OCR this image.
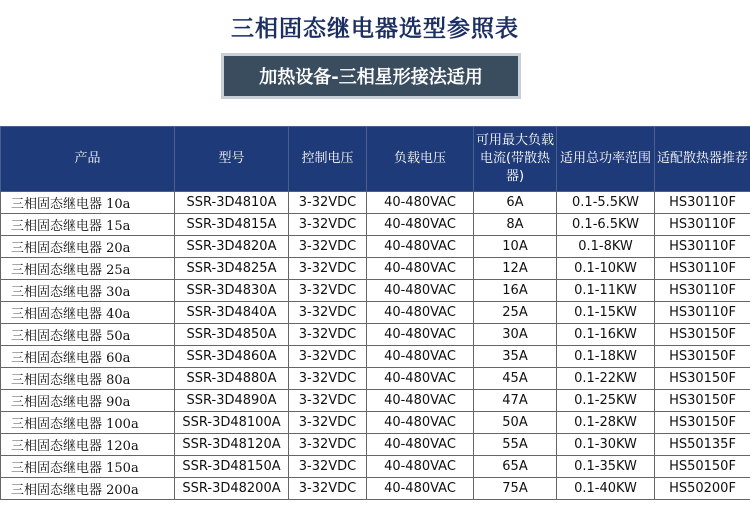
三相固态继电器选型参照表
加热设备-三相星形接法适用
产品	型号	控制电压	负载电压	可用最大负载电流(带散热器)	适用总功率范围	适配散热器推荐
三相固态继电器 10a	SSR-3D4810A	3-32VDC	40-480VAC	6A	0.1-5.5KW	HS30110F
三相固态继电器 15a	SSR-3D4815A	3-32VDC	40-480VAC	8A	0.1-6.5KW	HS30110F
三相固态继电器 20a	SSR-3D4820A	3-32VDC	40-480VAC	10A	0.1-8KW	HS30110F
三相固态继电器 25a	SSR-3D4825A	3-32VDC	40-480VAC	12A	0.1-10KW	HS30110F
三相固态继电器 30a	SSR-3D4830A	3-32VDC	40-480VAC	16A	0.1-11KW	HS30110F
三相固态继电器 40a	SSR-3D4840A	3-32VDC	40-480VAC	25A	0.1-15KW	HS30110F
三相固态继电器 50a	SSR-3D4850A	3-32VDC	40-480VAC	30A	0.1-16KW	HS30150F
三相固态继电器 60a	SSR-3D4860A	3-32VDC	40-480VAC	35A	0.1-18KW	HS30150F
三相固态继电器 80a	SSR-3D4880A	3-32VDC	40-480VAC	45A	0.1-22KW	HS30150F
三相固态继电器 90a	SSR-3D4890A	3-32VDC	40-480VAC	47A	0.1-25KW	HS30150F
三相固态继电器 100a	SSR-3D48100A	3-32VDC	40-480VAC	50A	0.1-28KW	HS30150F
三相固态继电器 120a	SSR-3D48120A	3-32VDC	40-480VAC	55A	0.1-30KW	HS50135F
三相固态继电器 150a	SSR-3D48150A	3-32VDC	40-480VAC	65A	0.1-35KW	HS50150F
三相固态继电器 200a	SSR-3D48200A	3-32VDC	40-480VAC	75A	0.1-40KW	HS50200F
